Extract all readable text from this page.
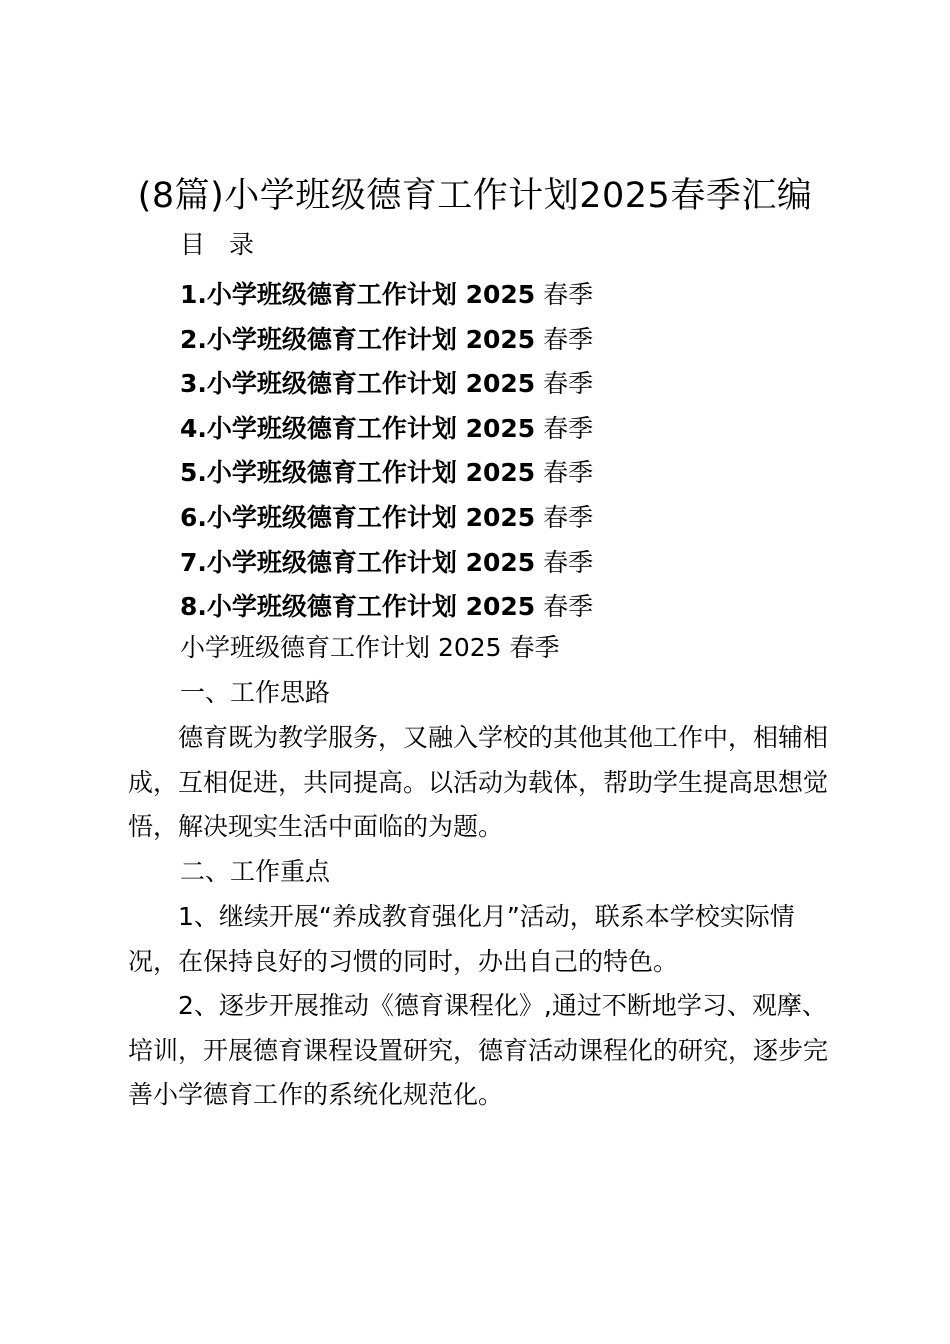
(8篇)小学班级德育工作计划2025春季汇编
目 录
1.小学班级德育工作计划 2025 春季
2.小学班级德育工作计划 2025 春季
3.小学班级德育工作计划 2025 春季
4.小学班级德育工作计划 2025 春季
5.小学班级德育工作计划 2025 春季
6.小学班级德育工作计划 2025 春季
7.小学班级德育工作计划 2025 春季
8.小学班级德育工作计划 2025 春季
小学班级德育工作计划 2025 春季
一、工作思路

德育既为教学服务，又融入学校的其他其他工作中，相辅相成，互相促进，共同提高。以活动为载体，帮助学生提高思想觉悟，解决现实生活中面临的为题。

二、工作重点

1、继续开展“养成教育强化月”活动，联系本学校实际情况，在保持良好的习惯的同时，办出自己的特色。

2、逐步开展推动《德育课程化》,通过不断地学习、观摩、培训，开展德育课程设置研究，德育活动课程化的研究，逐步完善小学德育工作的系统化规范化。
